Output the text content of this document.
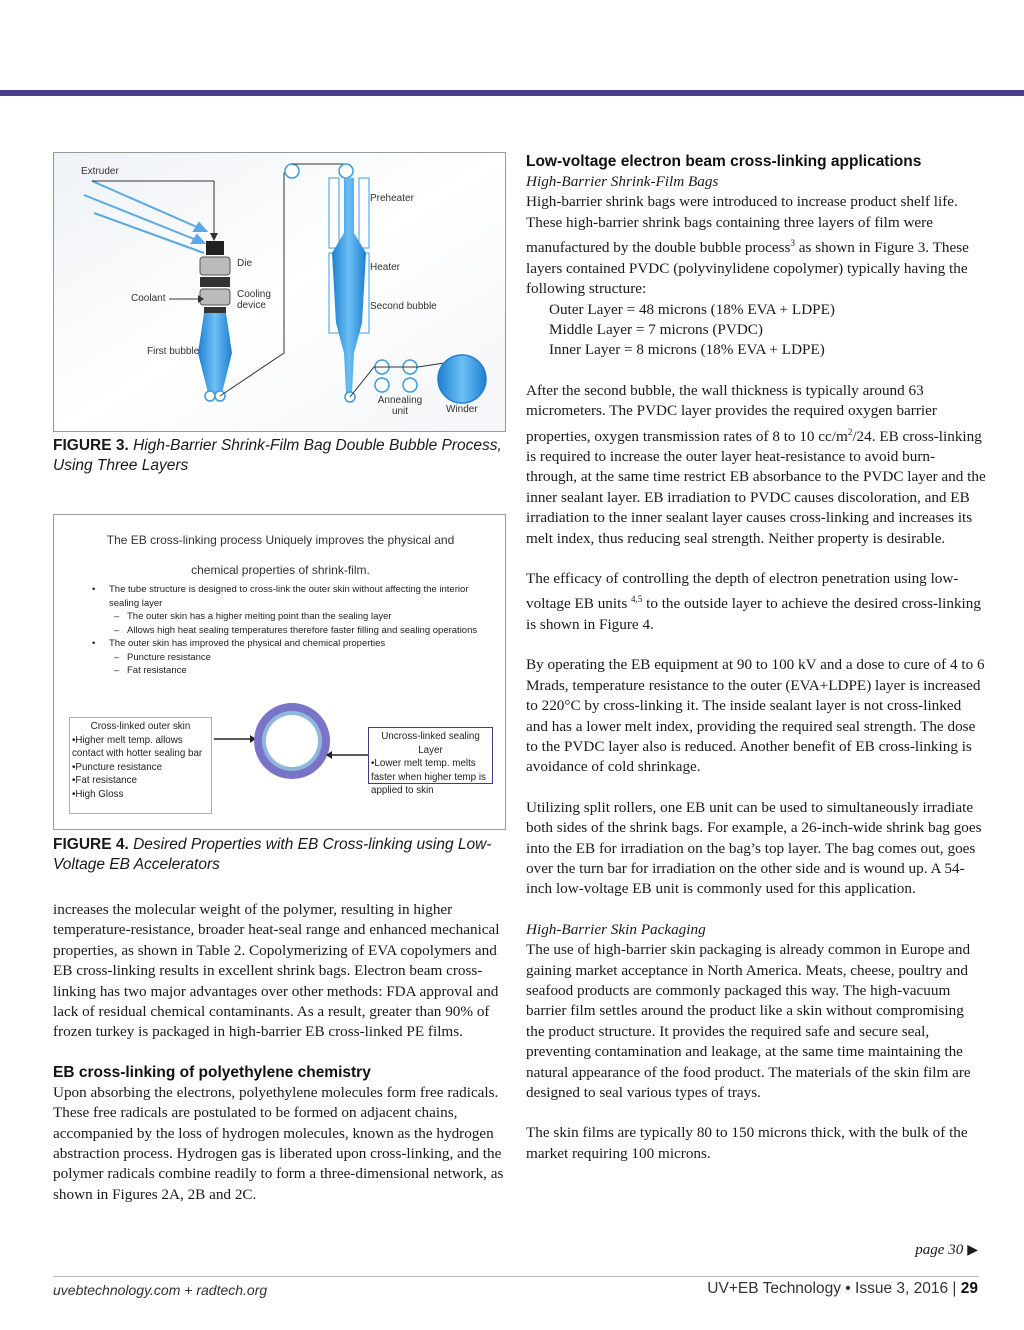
Extruder
Preheater
Die	Heater
Coolant	Cooling device	Second bubble
First bubble
Annealing unit	Winder
FIGURE 3. High-Barrier Shrink-Film Bag Double Bubble Process, Using Three Layers
The EB cross-linking process Uniquely improves the physical and
chemical properties of shrink-film.
• The tube structure is designed to cross-link the outer skin without affecting the interior sealing layer
– The outer skin has a higher melting point than the sealing layer
– Allows high heat sealing temperatures therefore faster filling and sealing operations
• The outer skin has improved the physical and chemical properties
– Puncture resistance
– Fat resistance
Cross-linked outer skin
•Higher melt temp. allows contact with hotter sealing bar
•Puncture resistance
•Fat resistance
•High Gloss
Uncross-linked sealing Layer
•Lower melt temp. melts faster when higher temp is applied to skin
FIGURE 4. Desired Properties with EB Cross-linking using Low-Voltage EB Accelerators

increases the molecular weight of the polymer, resulting in higher temperature-resistance, broader heat-seal range and enhanced mechanical properties, as shown in Table 2. Copolymerizing of EVA copolymers and EB cross-linking results in excellent shrink bags. Electron beam cross-linking has two major advantages over other methods: FDA approval and lack of residual chemical contaminants. As a result, greater than 90% of frozen turkey is packaged in high-barrier EB cross-linked PE films.

EB cross-linking of polyethylene chemistry

Upon absorbing the electrons, polyethylene molecules form free radicals. These free radicals are postulated to be formed on adjacent chains, accompanied by the loss of hydrogen molecules, known as the hydrogen abstraction process. Hydrogen gas is liberated upon cross-linking, and the polymer radicals combine readily to form a three-dimensional network, as shown in Figures 2A, 2B and 2C.

Low-voltage electron beam cross-linking applications

High-Barrier Shrink-Film Bags

High-barrier shrink bags were introduced to increase product shelf life. These high-barrier shrink bags containing three layers of film were manufactured by the double bubble process$^3$ as shown in Figure 3. These layers contained PVDC (polyvinylidene copolymer) typically having the following structure:

Outer Layer = 48 microns (18% EVA + LDPE)

Middle Layer = 7 microns (PVDC)

Inner Layer = 8 microns (18% EVA + LDPE)

After the second bubble, the wall thickness is typically around 63 micrometers. The PVDC layer provides the required oxygen barrier properties, oxygen transmission rates of 8 to 10 $cc/m^2/24$. EB cross-linking is required to increase the outer layer heat-resistance to avoid burn-through, at the same time restrict EB absorbance to the PVDC layer and the inner sealant layer. EB irradiation to PVDC causes discoloration, and EB irradiation to the inner sealant layer causes cross-linking and increases its melt index, thus reducing seal strength. Neither property is desirable.

The efficacy of controlling the depth of electron penetration using low-voltage EB units $^{4,5}$ to the outside layer to achieve the desired cross-linking is shown in Figure 4.

By operating the EB equipment at 90 to 100 kV and a dose to cure of 4 to 6 Mrads, temperature resistance to the outer (EVA+LDPE) layer is increased to 220°C by cross-linking it. The inside sealant layer is not cross-linked and has a lower melt index, providing the required seal strength. The dose to the PVDC layer also is reduced. Another benefit of EB cross-linking is avoidance of cold shrinkage.

Utilizing split rollers, one EB unit can be used to simultaneously irradiate both sides of the shrink bags. For example, a 26-inch-wide shrink bag goes into the EB for irradiation on the bag’s top layer. The bag comes out, goes over the turn bar for irradiation on the other side and is wound up. A 54-inch low-voltage EB unit is commonly used for this application.

High-Barrier Skin Packaging

The use of high-barrier skin packaging is already common in Europe and gaining market acceptance in North America. Meats, cheese, poultry and seafood products are commonly packaged this way. The high-vacuum barrier film settles around the product like a skin without compromising the product structure. It provides the required safe and secure seal, preventing contamination and leakage, at the same time maintaining the natural appearance of the food product. The materials of the skin film are designed to seal various types of trays.

The skin films are typically 80 to 150 microns thick, with the bulk of the market requiring 100 microns.

page 30 ▶
uvebtechnology.com + radtech.org	UV+EB Technology • Issue 3, 2016 | 29
